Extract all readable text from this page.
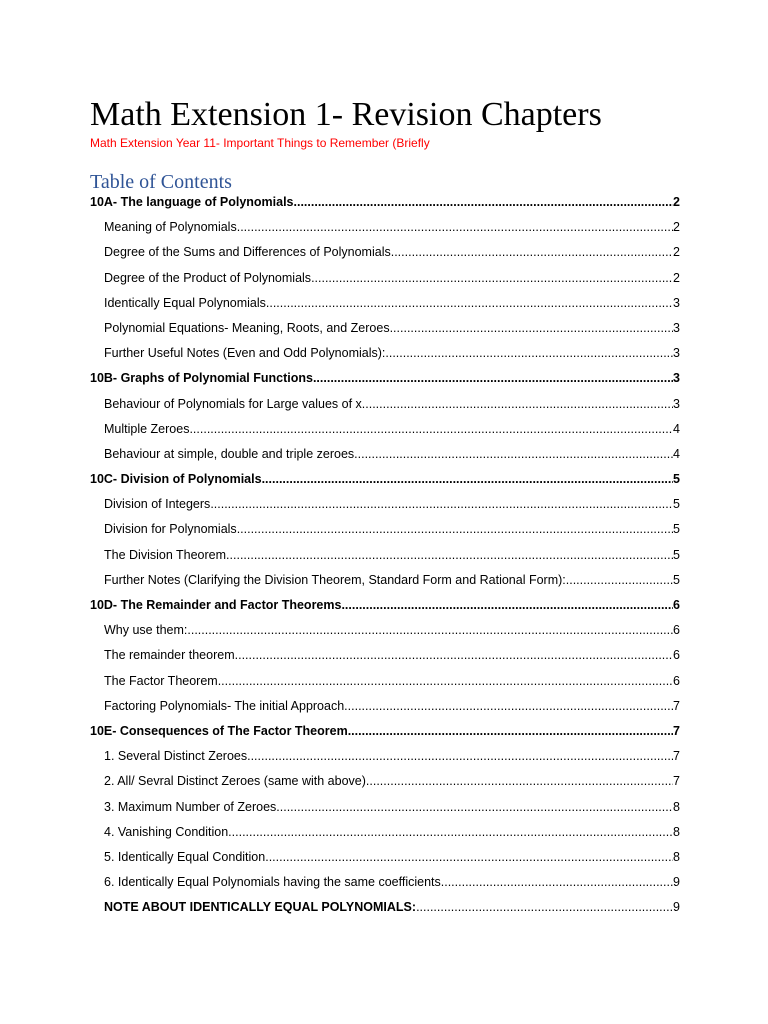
Math Extension 1- Revision Chapters
Math Extension Year 11- Important Things to Remember (Briefly
Table of Contents
10A- The language of Polynomials .....	2
Meaning of Polynomials .....	2
Degree of the Sums and Differences of Polynomials .....	2
Degree of the Product of Polynomials .....	2
Identically Equal Polynomials .....	3
Polynomial Equations- Meaning, Roots, and Zeroes .....	3
Further Useful Notes (Even and Odd Polynomials): .....	3
10B- Graphs of Polynomial Functions .....	3
Behaviour of Polynomials for Large values of x .....	3
Multiple Zeroes .....	4
Behaviour at simple, double and triple zeroes .....	4
10C- Division of Polynomials .....	5
Division of Integers .....	5
Division for Polynomials .....	5
The Division Theorem .....	5
Further Notes (Clarifying the Division Theorem, Standard Form and Rational Form): .....	5
10D- The Remainder and Factor Theorems .....	6
Why use them: .....	6
The remainder theorem .....	6
The Factor Theorem .....	6
Factoring Polynomials- The initial Approach .....	7
10E- Consequences of The Factor Theorem .....	7
1. Several Distinct Zeroes .....	7
2. All/ Sevral Distinct Zeroes (same with above) .....	7
3. Maximum Number of Zeroes .....	8
4. Vanishing Condition .....	8
5. Identically Equal Condition .....	8
6. Identically Equal Polynomials having the same coefficients .....	9
NOTE ABOUT IDENTICALLY EQUAL POLYNOMIALS: .....	9
